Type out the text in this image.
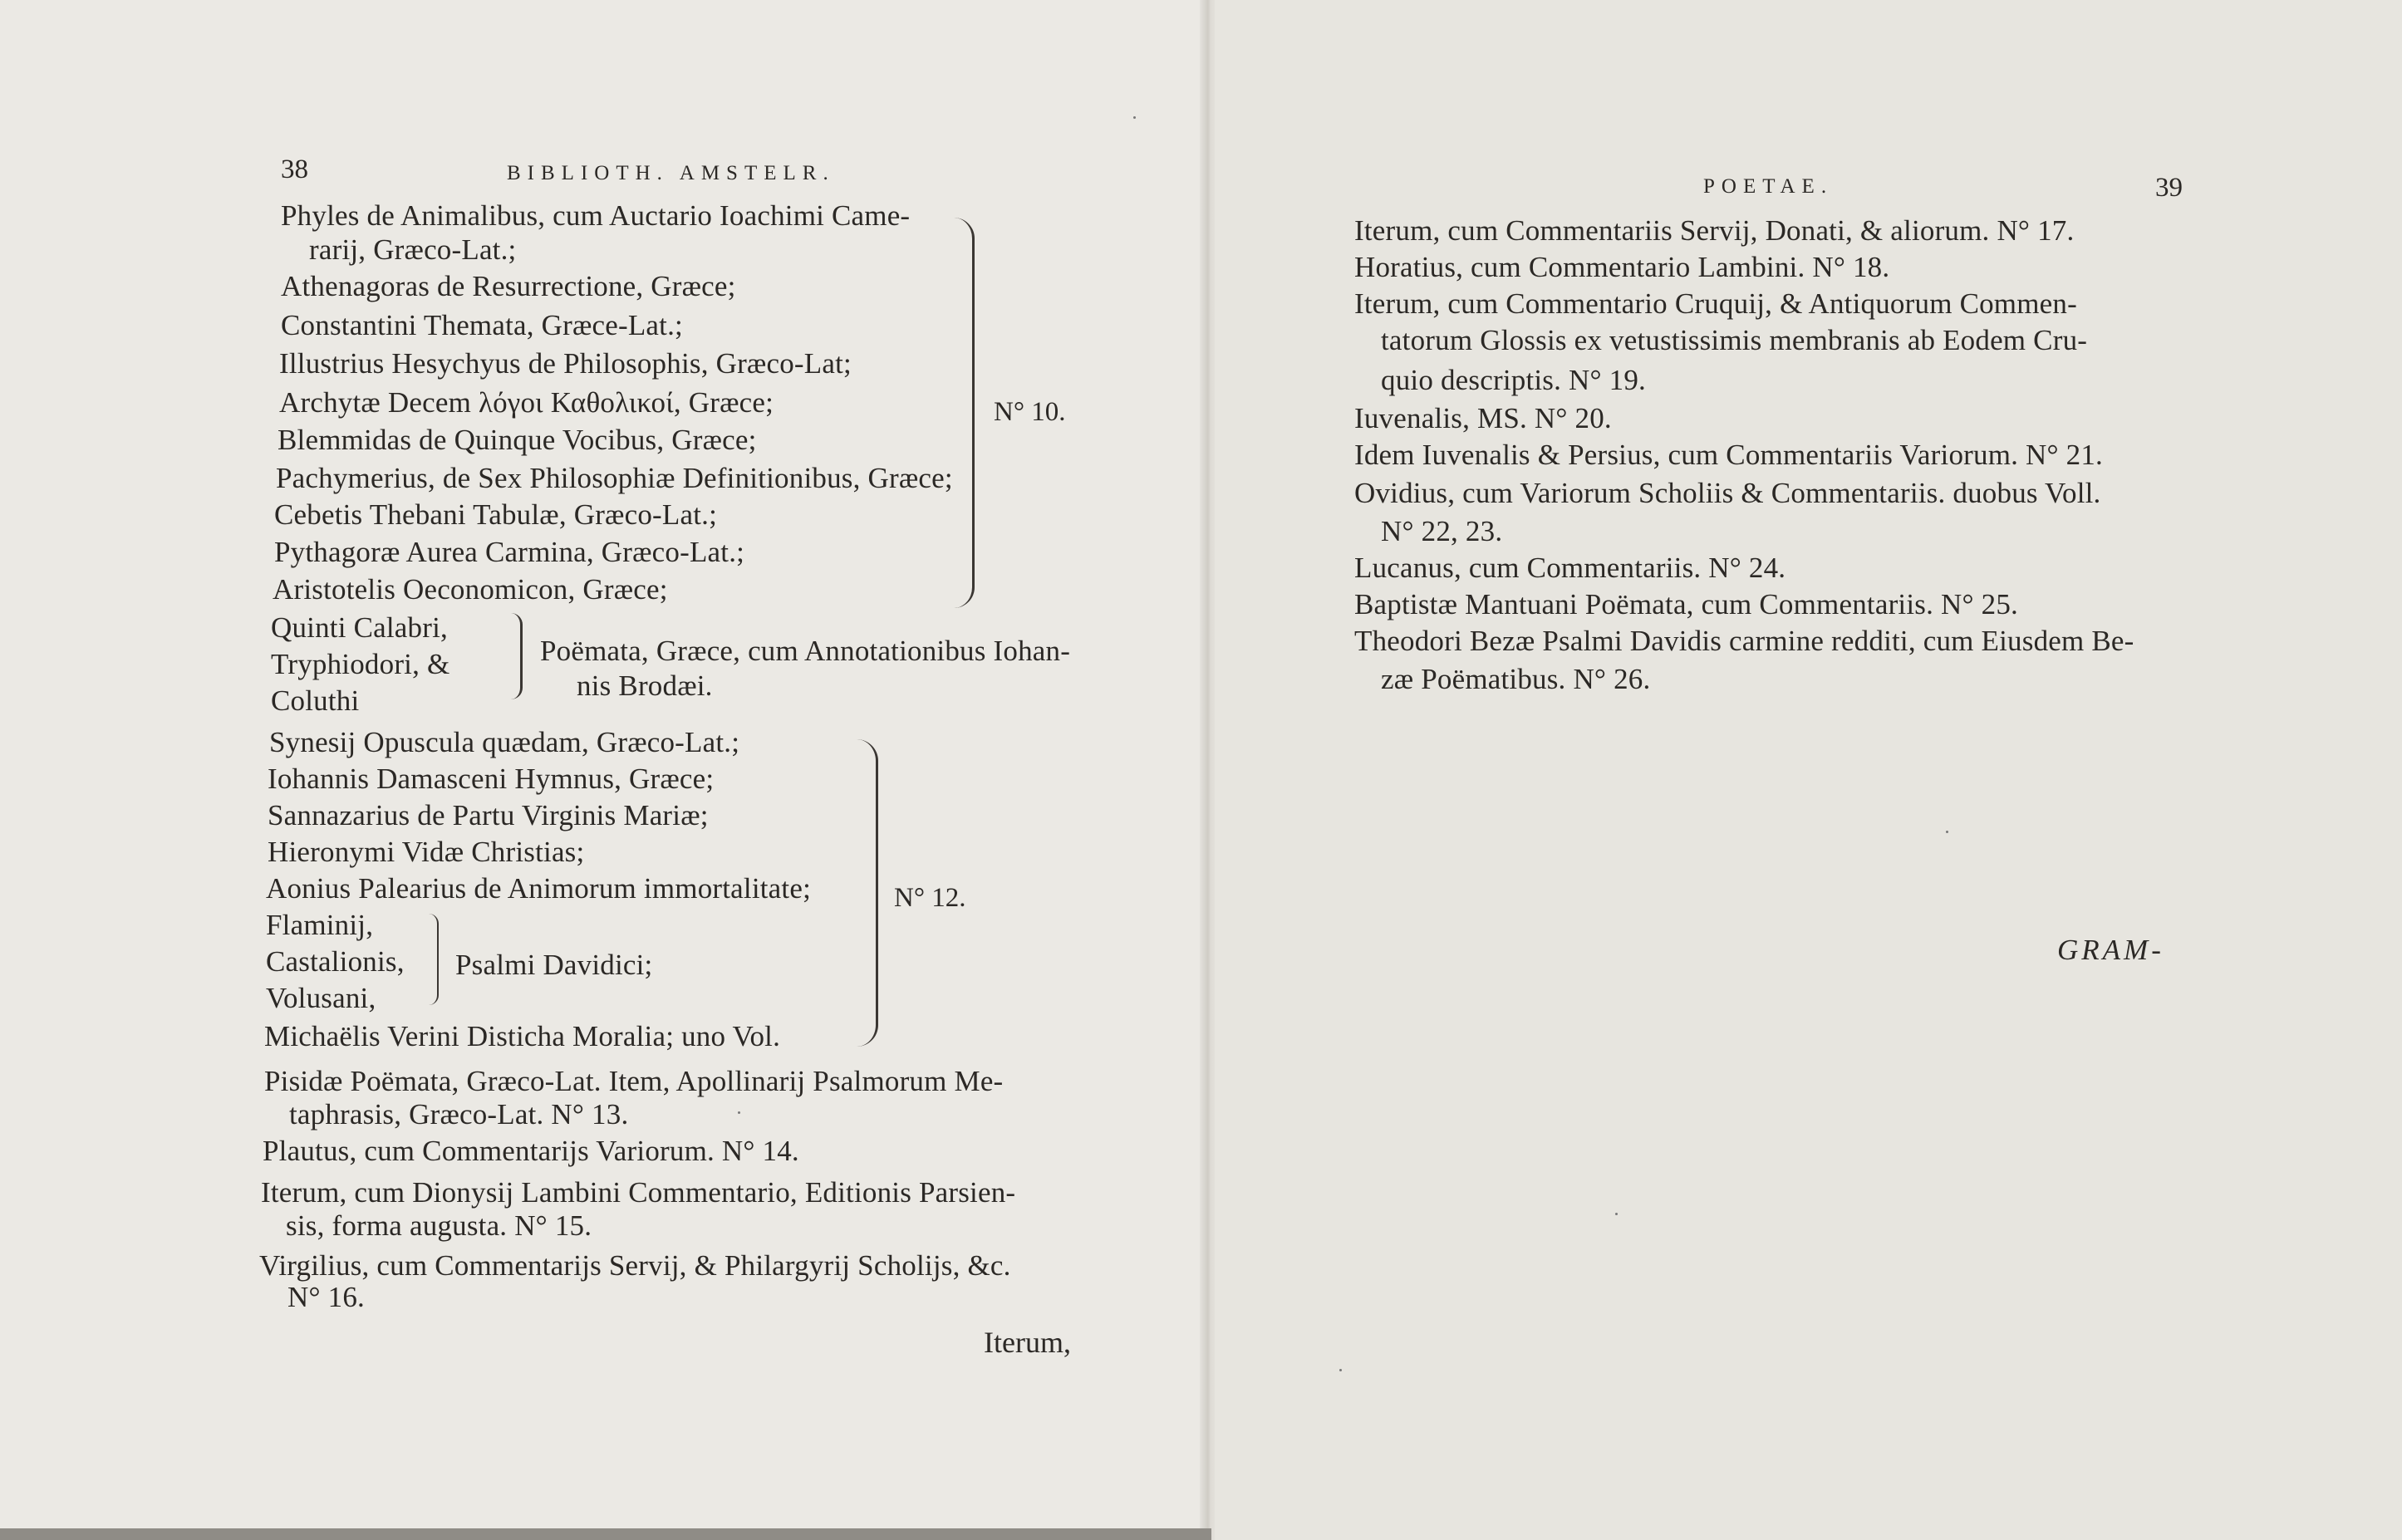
38	BIBLIOTH. AMSTELR.
Phyles de Animalibus, cum Auctario Ioachimi Came-
rarij, Græco-Lat.;
Athenagoras de Resurrectione, Græce;
Constantini Themata, Græce-Lat.;
Illustrius Hesychyus de Philosophis, Græco-Lat;
Archytæ Decem λόγοι Καθολικοί, Græce;
Blemmidas de Quinque Vocibus, Græce;
Pachymerius, de Sex Philosophiæ Definitionibus, Græce;
Cebetis Thebani Tabulæ, Græco-Lat.;
Pythagoræ Aurea Carmina, Græco-Lat.;
Aristotelis Oeconomicon, Græce;
N° 10.
Quinti Calabri,
Tryphiodori, &
Coluthi
Poëmata, Græce, cum Annotationibus Iohan-
nis Brodæi.
Synesij Opuscula quædam, Græco-Lat.;
Iohannis Damasceni Hymnus, Græce;
Sannazarius de Partu Virginis Mariæ;
Hieronymi Vidæ Christias;
Aonius Palearius de Animorum immortalitate;
Flaminij,
Castalionis,
Volusani,
Psalmi Davidici;
Michaëlis Verini Disticha Moralia; uno Vol.
N° 12.
Pisidæ Poëmata, Græco-Lat. Item, Apollinarij Psalmorum Me-
taphrasis, Græco-Lat. N° 13.
Plautus, cum Commentarijs Variorum. N° 14.
Iterum, cum Dionysij Lambini Commentario, Editionis Parsien-
sis, forma augusta. N° 15.
Virgilius, cum Commentarijs Servij, & Philargyrij Scholijs, &c.
N° 16.
Iterum,
POETAE.	39
Iterum, cum Commentariis Servij, Donati, & aliorum. N° 17.
Horatius, cum Commentario Lambini. N° 18.
Iterum, cum Commentario Cruquij, & Antiquorum Commen-
tatorum Glossis ex vetustissimis membranis ab Eodem Cru-
quio descriptis. N° 19.
Iuvenalis, MS. N° 20.
Idem Iuvenalis & Persius, cum Commentariis Variorum. N° 21.
Ovidius, cum Variorum Scholiis & Commentariis. duobus Voll.
N° 22, 23.
Lucanus, cum Commentariis. N° 24.
Baptistæ Mantuani Poëmata, cum Commentariis. N° 25.
Theodori Bezæ Psalmi Davidis carmine redditi, cum Eiusdem Be-
zæ Poëmatibus. N° 26.
GRAM-
